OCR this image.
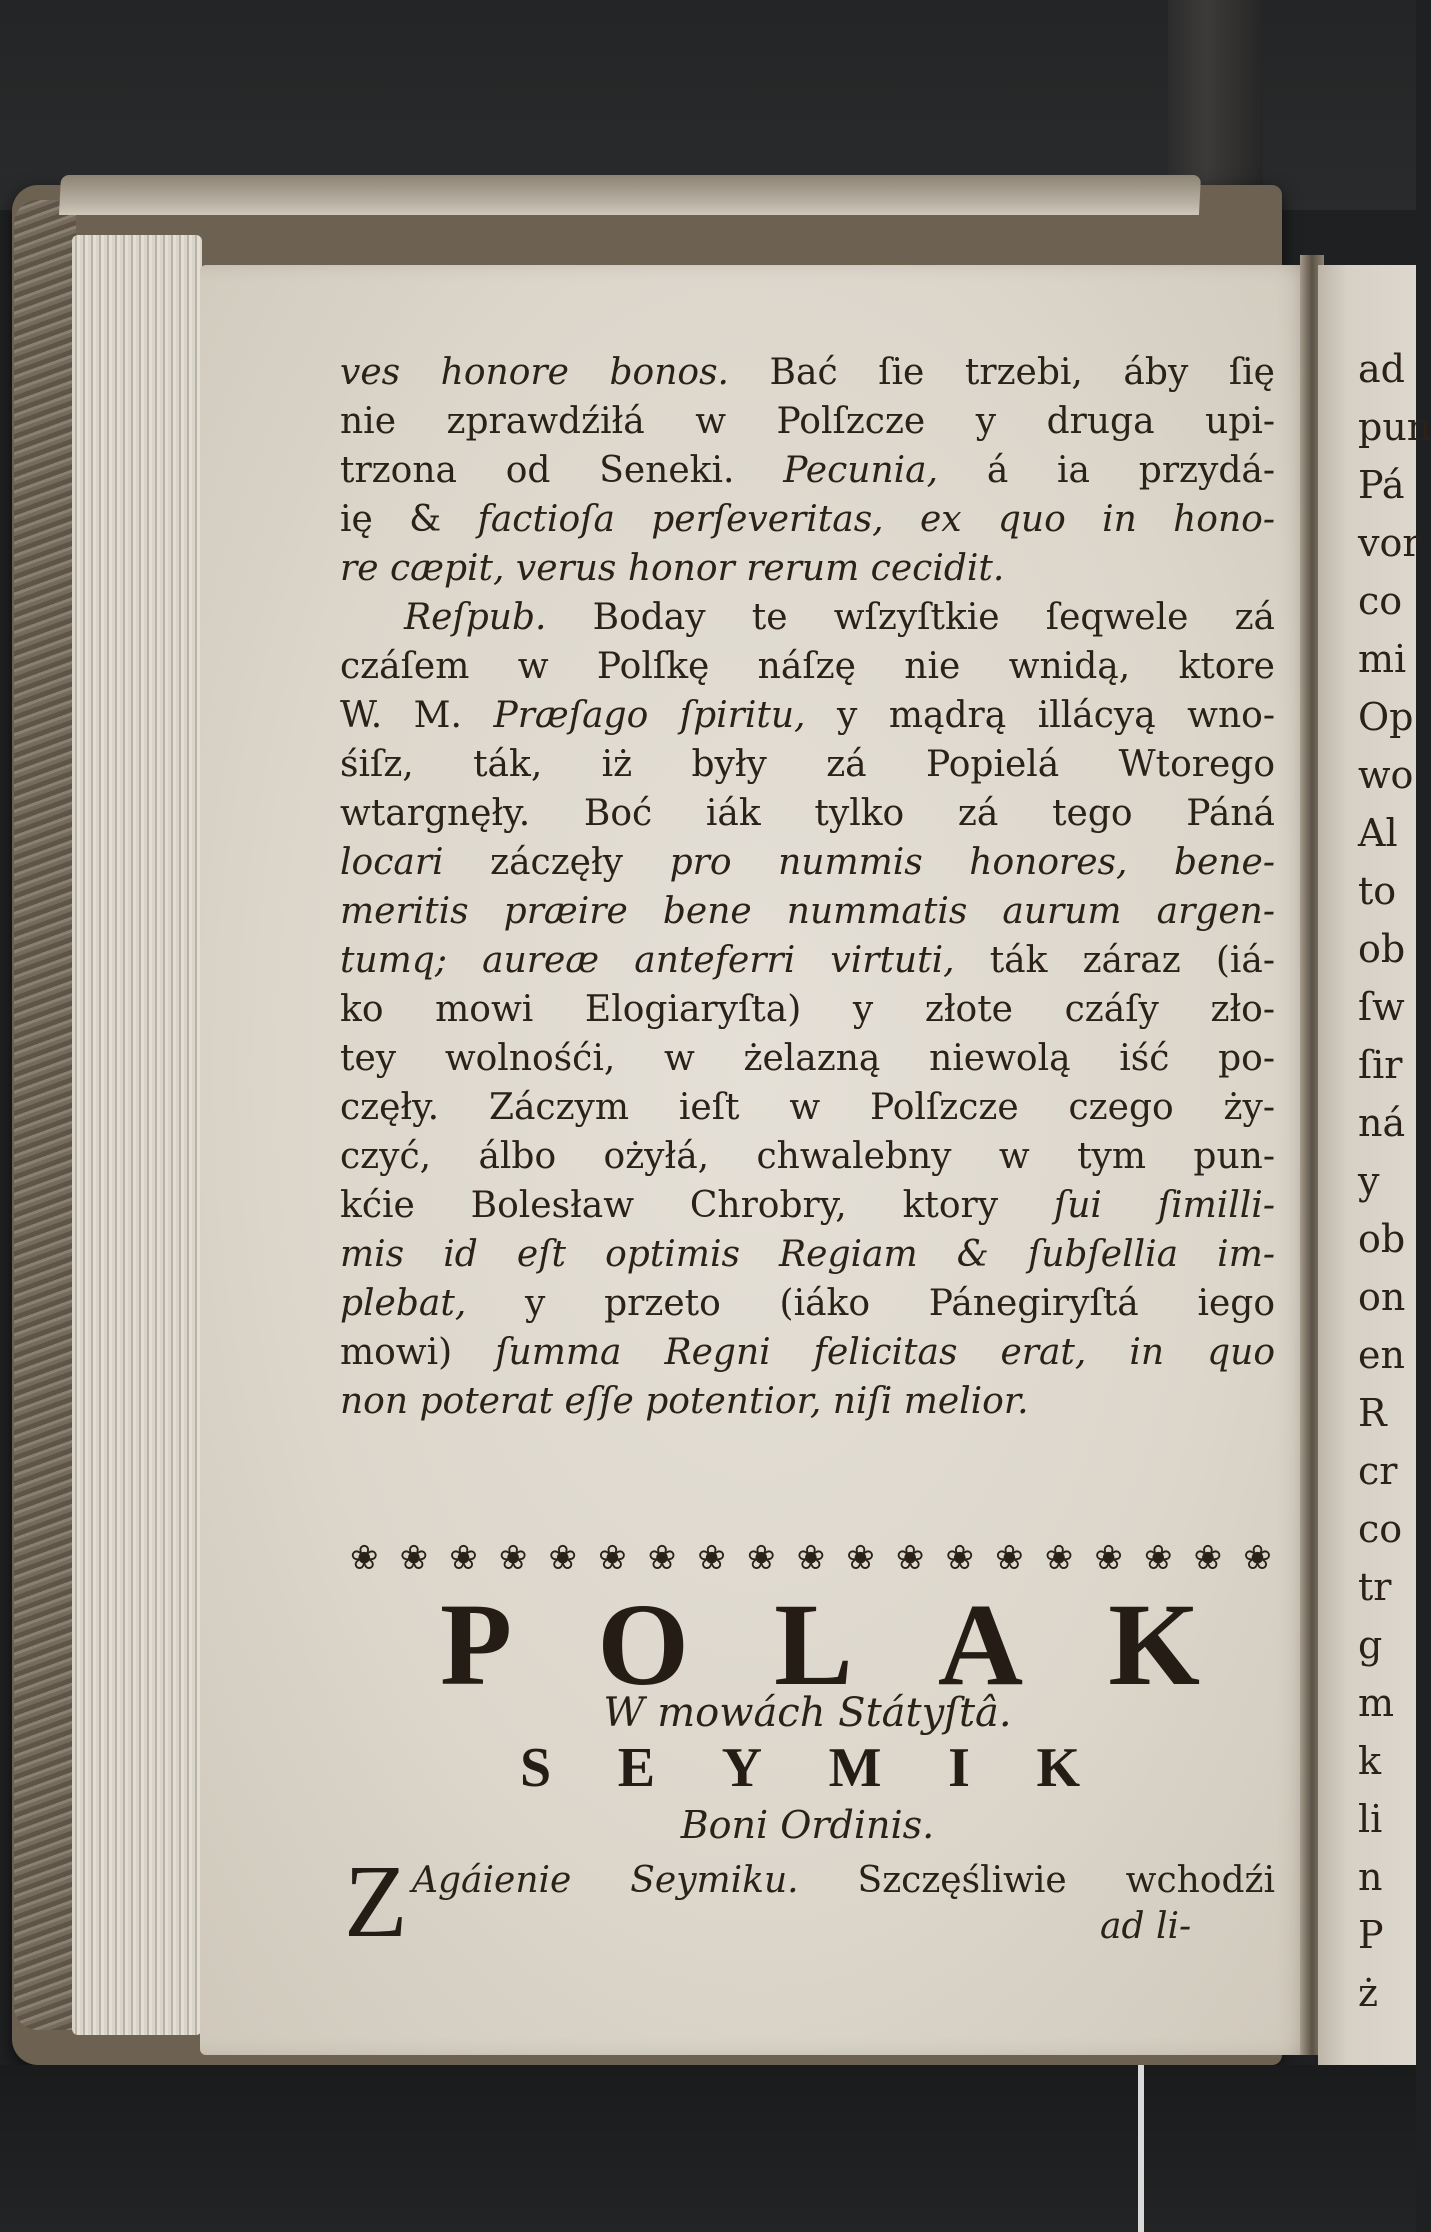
ad
pun
Pá
vor
co
mi
Op
wo
Al
to
ob
ſw
ſir
ná
y
ob
on
en
R
cr
co
tr
g
m
k
li
n
P
ż
ves honore bonos. Bać ſie trzebi, áby ſię
nie zprawdźiłá w Polſzcze y druga upi-
trzona od Seneki. Pecunia, á ia przydá-
ię & factioſa perſeveritas, ex quo in hono-
re cæpit, verus honor rerum cecidit.
Reſpub. Boday te wſzyſtkie ſeqwele zá
czáſem w Polſkę náſzę nie wnidą, ktore
W. M. Præſago ſpiritu, y mądrą illácyą wno-
śiſz, ták, iż były zá Popielá Wtorego
wtargnęły. Boć iák tylko zá tego Páná
locari záczęły pro nummis honores, bene-
meritis præire bene nummatis aurum argen-
tumq; aureæ anteferri virtuti, ták záraz (iá-
ko mowi Elogiaryſta) y złote czáſy zło-
tey wolnośći, w żelazną niewolą iść po-
częły. Záczym ieſt w Polſzcze czego ży-
czyć, álbo ożyłá, chwalebny w tym pun-
kćie Bolesław Chrobry, ktory ſui ſimilli-
mis id eſt optimis Regiam & ſubſellia im-
plebat, y przeto (iáko Pánegiryſtá iego
mowi) ſumma Regni felicitas erat, in quo
non poterat eſſe potentior, niſi melior.
❀ ❀ ❀ ❀ ❀ ❀ ❀ ❀ ❀ ❀ ❀ ❀ ❀ ❀ ❀ ❀ ❀ ❀ ❀
P O L A K
W mowách Státyſtâ.
S E Y M I K
Boni Ordinis.
Z Agáienie Seymiku. Szczęśliwie wchodźi
ad li-
